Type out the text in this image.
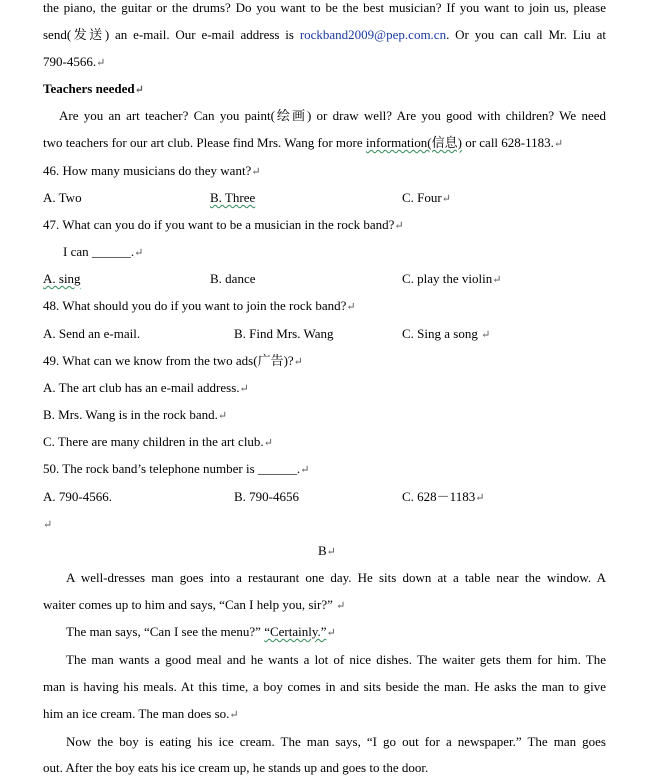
the piano, the guitar or the drums? Do you want to be the best musician? If you want to join us, please
send(发送) an e-mail. Our e-mail address is rockband2009@pep.com.cn. Or you can call Mr. Liu at
790-4566.↵
Teachers needed↵
Are you an art teacher? Can you paint(绘画) or draw well? Are you good with children? We need
two teachers for our art club. Please find Mrs. Wang for more information(信息) or call 628-1183.↵
46. How many musicians do they want?↵
A. Two	B. Three	C. Four↵
47. What can you do if you want to be a musician in the rock band?↵
I can ______.↵
A. sing	B. dance	C. play the violin↵
48. What should you do if you want to join the rock band?↵
A. Send an e-mail.	B. Find Mrs. Wang	C. Sing a song ↵
49. What can we know from the two ads(广告)?↵
A. The art club has an e-mail address.↵
B. Mrs. Wang is in the rock band.↵
C. There are many children in the art club.↵
50. The rock band’s telephone number is ______.↵
A. 790-4566.	B. 790-4656	C. 628－1183↵
↵
B↵
A well-dresses man goes into a restaurant one day. He sits down at a table near the window. A
waiter comes up to him and says, “Can I help you, sir?” ↵
The man says, “Can I see the menu?” “Certainly.”↵
The man wants a good meal and he wants a lot of nice dishes. The waiter gets them for him. The
man is having his meals. At this time, a boy comes in and sits beside the man. He asks the man to give
him an ice cream. The man does so.↵
Now the boy is eating his ice cream. The man says, “I go out for a newspaper.” The man goes
out. After the boy eats his ice cream up, he stands up and goes to the door.
